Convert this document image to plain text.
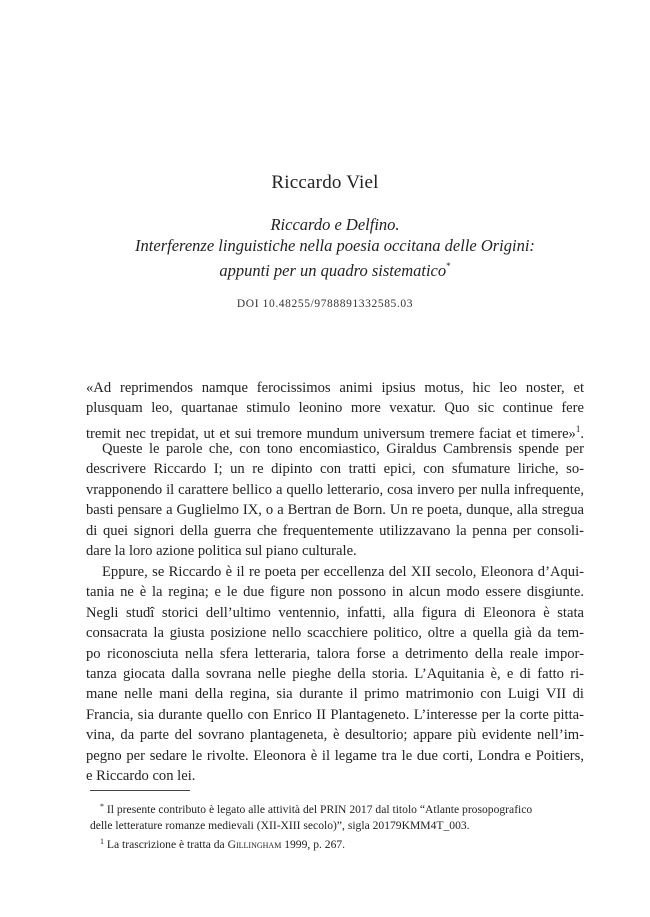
Riccardo Viel
Riccardo e Delfino.
Interferenze linguistiche nella poesia occitana delle Origini:
appunti per un quadro sistematico*
DOI 10.48255/9788891332585.03
«Ad reprimendos namque ferocissimos animi ipsius motus, hic leo noster, et
plusquam leo, quartanae stimulo leonino more vexatur. Quo sic continue fere
tremit nec trepidat, ut et sui tremore mundum universum tremere faciat et timere»$^1$.
Queste le parole che, con tono encomiastico, Giraldus Cambrensis spende per
descrivere Riccardo I; un re dipinto con tratti epici, con sfumature liriche, so-
vrapponendo il carattere bellico a quello letterario, cosa invero per nulla infrequente,
basti pensare a Guglielmo IX, o a Bertran de Born. Un re poeta, dunque, alla stregua
di quei signori della guerra che frequentemente utilizzavano la penna per consoli-
dare la loro azione politica sul piano culturale.
Eppure, se Riccardo è il re poeta per eccellenza del XII secolo, Eleonora d’Aqui-
tania ne è la regina; e le due figure non possono in alcun modo essere disgiunte.
Negli studî storici dell’ultimo ventennio, infatti, alla figura di Eleonora è stata
consacrata la giusta posizione nello scacchiere politico, oltre a quella già da tem-
po riconosciuta nella sfera letteraria, talora forse a detrimento della reale impor-
tanza giocata dalla sovrana nelle pieghe della storia. L’Aquitania è, e di fatto ri-
mane nelle mani della regina, sia durante il primo matrimonio con Luigi VII di
Francia, sia durante quello con Enrico II Plantageneto. L’interesse per la corte pitta-
vina, da parte del sovrano plantageneta, è desultorio; appare più evidente nell’im-
pegno per sedare le rivolte. Eleonora è il legame tra le due corti, Londra e Poitiers,
e Riccardo con lei.
* Il presente contributo è legato alle attività del PRIN 2017 dal titolo “Atlante prosopografico
delle letterature romanze medievali (XII-XIII secolo)”, sigla 20179KMM4T_003.
$^1$ La trascrizione è tratta da Gillingham 1999, p. 267.
